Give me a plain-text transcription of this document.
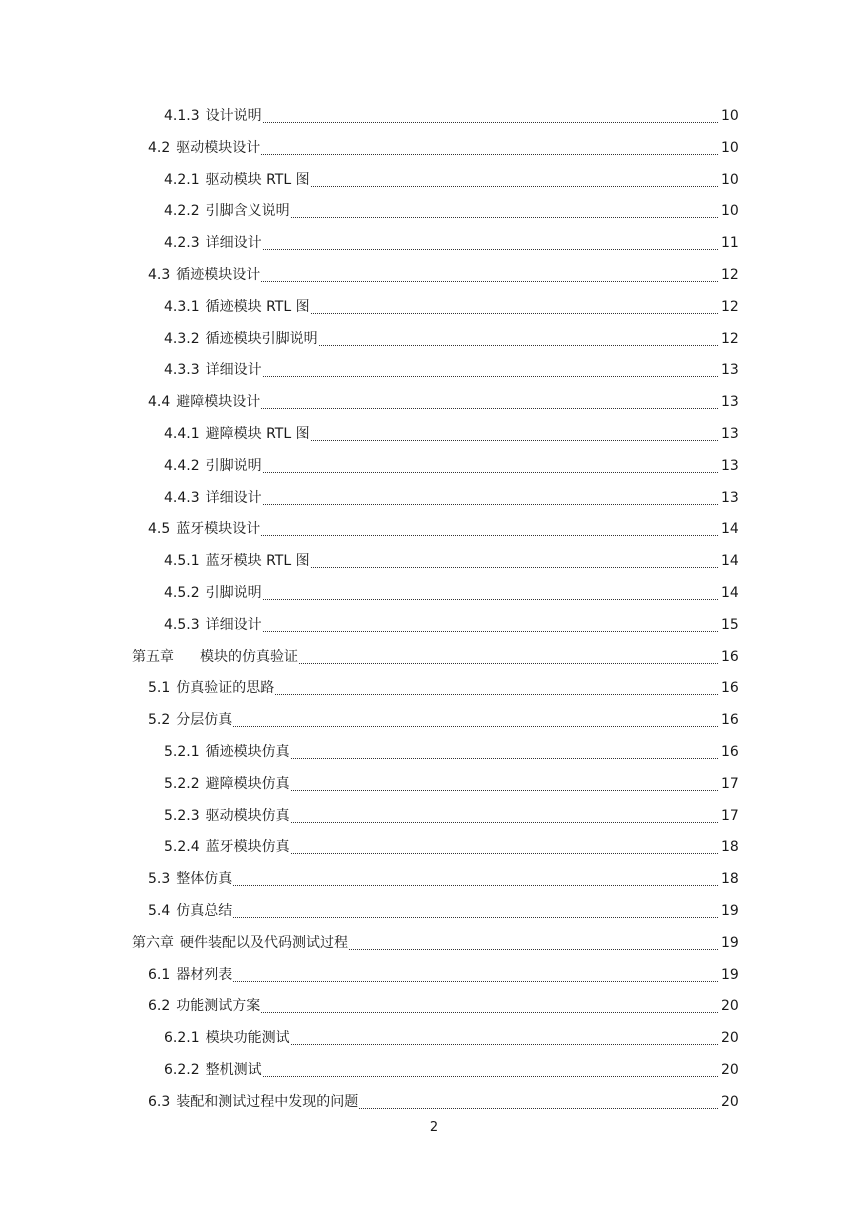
4.1.3 设计说明	10
4.2 驱动模块设计	10
4.2.1 驱动模块 RTL 图	10
4.2.2 引脚含义说明	10
4.2.3 详细设计	11
4.3 循迹模块设计	12
4.3.1 循迹模块 RTL 图	12
4.3.2 循迹模块引脚说明	12
4.3.3 详细设计	13
4.4 避障模块设计	13
4.4.1 避障模块 RTL 图	13
4.4.2 引脚说明	13
4.4.3 详细设计	13
4.5 蓝牙模块设计	14
4.5.1 蓝牙模块 RTL 图	14
4.5.2 引脚说明	14
4.5.3 详细设计	15
第五章 模块的仿真验证	16
5.1 仿真验证的思路	16
5.2 分层仿真	16
5.2.1 循迹模块仿真	16
5.2.2 避障模块仿真	17
5.2.3 驱动模块仿真	17
5.2.4 蓝牙模块仿真	18
5.3 整体仿真	18
5.4 仿真总结	19
第六章 硬件装配以及代码测试过程	19
6.1 器材列表	19
6.2 功能测试方案	20
6.2.1 模块功能测试	20
6.2.2 整机测试	20
6.3 装配和测试过程中发现的问题	20
2
